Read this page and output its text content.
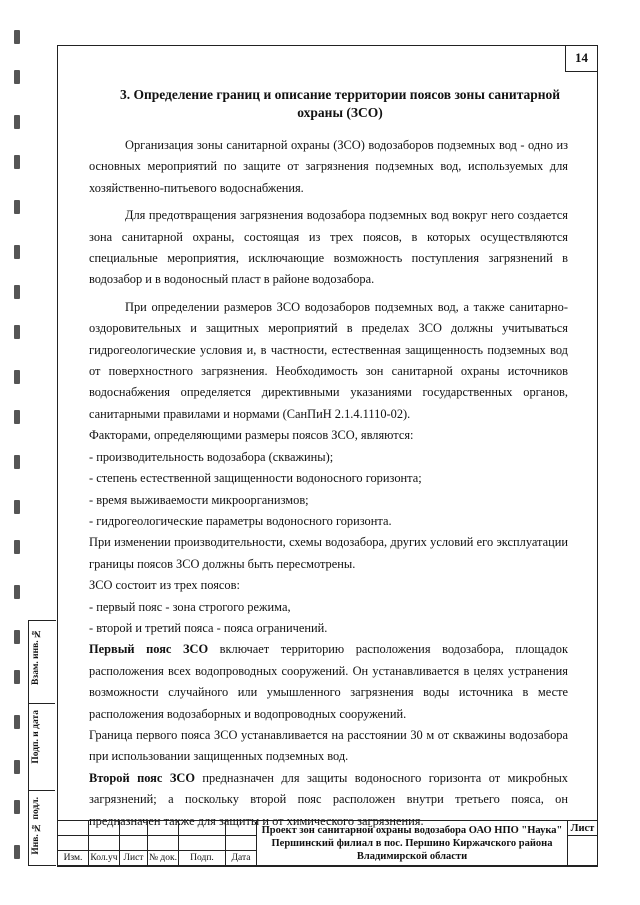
Взам. инв. №
Подп. и дата
Инв. № подл.
14
3. Определение границ и описание территории поясов зоны санитарной
охраны (ЗСО)

Организация зоны санитарной охраны (ЗСО) водозаборов подземных вод - одно из основных мероприятий по защите от загрязнения подземных вод, используемых для хозяйственно-питьевого водоснабжения.

Для предотвращения загрязнения водозабора подземных вод вокруг него создается зона санитарной охраны, состоящая из трех поясов, в которых осуществляются специальные мероприятия, исключающие возможность поступления загрязнений в водозабор и в водоносный пласт в районе водозабора.

При определении размеров ЗСО водозаборов подземных вод, а также санитарно-оздоровительных и защитных мероприятий в пределах ЗСО должны учитываться гидрогеологические условия и, в частности, естественная защищенность подземных вод от поверхностного загрязнения. Необходимость зон санитарной охраны источников водоснабжения определяется директивными указаниями государственных органов, санитарными правилами и нормами (СанПиН 2.1.4.1110-02).

Факторами, определяющими размеры поясов ЗСО, являются:

- производительность водозабора (скважины);

- степень естественной защищенности водоносного горизонта;

- время выживаемости микроорганизмов;

- гидрогеологические параметры водоносного горизонта.

При изменении производительности, схемы водозабора, других условий его эксплуатации границы поясов ЗСО должны быть пересмотрены.

ЗСО состоит из трех поясов:

- первый пояс - зона строгого режима,

- второй и третий пояса - пояса ограничений.

Первый пояс ЗСО включает территорию расположения водозабора, площадок расположения всех водопроводных сооружений. Он устанавливается в целях устранения возможности случайного или умышленного загрязнения воды источника в месте расположения водозаборных и водопроводных сооружений.

Граница первого пояса ЗСО устанавливается на расстоянии 30 м от скважины водозабора при использовании защищенных подземных вод.

Второй пояс ЗСО предназначен для защиты водоносного горизонта от микробных загрязнений; а поскольку второй пояс расположен внутри третьего пояса, он предназначен также для защиты и от химического загрязнения.

						Проект зон санитарной охраны водозабора ОАО НПО "Наука"
Першинский филиал в пос. Першино Киржачского района
Владимирской области	Лист

Изм.	Кол.уч	Лист	№ док.	Подп.	Дата		
